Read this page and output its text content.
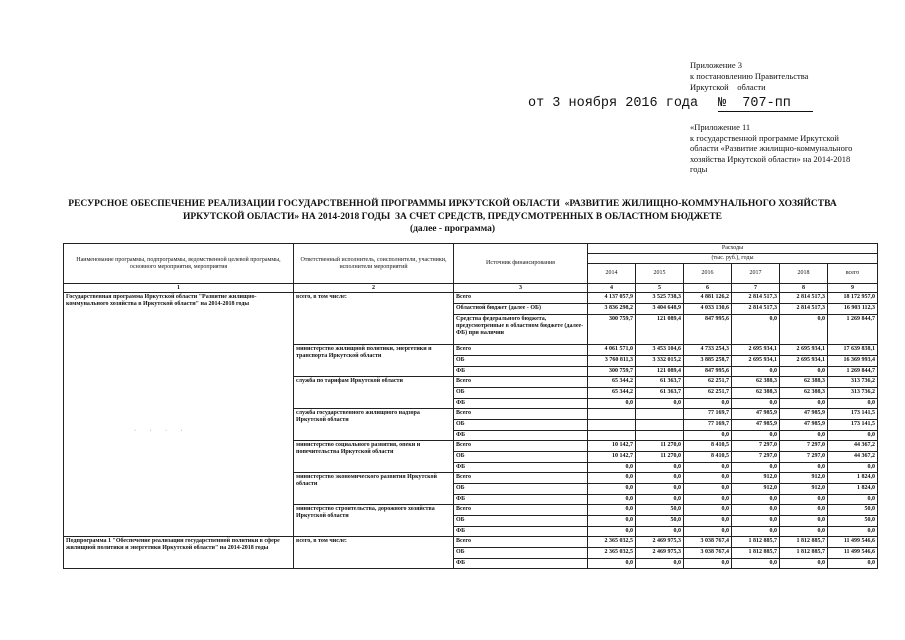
Приложение 3
к постановлению Правительства
Иркутской    области
от 3 ноября 2016 года №  707-пп
«Приложение 11
к государственной программе Иркутской
области «Развитие жилищно-коммунального
хозяйства Иркутской области» на 2014-2018
годы
РЕСУРСНОЕ ОБЕСПЕЧЕНИЕ РЕАЛИЗАЦИИ ГОСУДАРСТВЕННОЙ ПРОГРАММЫ ИРКУТСКОЙ ОБЛАСТИ  «РАЗВИТИЕ ЖИЛИЩНО-КОММУНАЛЬНОГО ХОЗЯЙСТВА
ИРКУТСКОЙ ОБЛАСТИ» НА 2014-2018 ГОДЫ  ЗА СЧЕТ СРЕДСТВ, ПРЕДУСМОТРЕННЫХ В ОБЛАСТНОМ БЮДЖЕТЕ
(далее - программа)
Наименование программы, подпрограммы, ведомственной целевой программы, основного мероприятия, мероприятия	Ответственный исполнитель, соисполнители, участники, исполнители мероприятий	Источник финансирования	Расходы					
			(тыс. руб.), годы					
			2014	2015	2016	2017	2018	всего
1	2	3	4	5	6	7	8	9
Государственная программа Иркутской области "Развитие жилищно-коммунального хозяйства в Иркутской области" на 2014-2018 годы	всего, в том числе:	Всего	4 137 057,9	3 525 738,3	4 881 126,2	2 814 517,3	2 814 517,3	18 172 957,0
		Областной бюджет (далее - ОБ)	3 836 298,2	3 404 648,9	4 033 130,6	2 814 517,3	2 814 517,3	16 903 112,3
		Средства федерального бюджета, предусмотренные в областном бюджете (далее-ФБ) при наличии	300 759,7	121 089,4	847 995,6	0,0	0,0	1 269 844,7
	министерство жилищной политики, энергетики и транспорта Иркутской области	Всего	4 061 571,0	3 453 104,6	4 733 254,3	2 695 934,1	2 695 934,1	17 639 838,1
		ОБ	3 760 811,3	3 332 015,2	3 885 258,7	2 695 934,1	2 695 934,1	16 369 993,4
		ФБ	300 759,7	121 089,4	847 995,6	0,0	0,0	1 269 844,7
	служба по тарифам Иркутской области	Всего	65 344,2	61 363,7	62 251,7	62 388,3	62 388,3	313 736,2
		ОБ	65 344,2	61 363,7	62 251,7	62 388,3	62 388,3	313 736,2
		ФБ	0,0	0,0	0,0	0,0	0,0	0,0
	служба государственного жилищного надзора Иркутской области	Всего			77 169,7	47 985,9	47 985,9	173 141,5
		ОБ			77 169,7	47 985,9	47 985,9	173 141,5
		ФБ			0,0	0,0	0,0	0,0
	министерство социального развития, опеки и попечительства Иркутской области	Всего	10 142,7	11 270,0	8 410,5	7 297,0	7 297,0	44 367,2
		ОБ	10 142,7	11 270,0	8 410,5	7 297,0	7 297,0	44 367,2
		ФБ	0,0	0,0	0,0	0,0	0,0	0,0
	министерство экономического развития Иркутской области	Всего	0,0	0,0	0,0	912,0	912,0	1 824,0
		ОБ	0,0	0,0	0,0	912,0	912,0	1 824,0
		ФБ	0,0	0,0	0,0	0,0	0,0	0,0
	министерство строительства, дорожного хозяйства Иркутской области	Всего	0,0	50,0	0,0	0,0	0,0	50,0
		ОБ	0,0	50,0	0,0	0,0	0,0	50,0
		ФБ	0,0	0,0	0,0	0,0	0,0	0,0
Подпрограмма 1 "Обеспечение реализации государственной политики в сфере жилищной политики и энергетики Иркутской области" на 2014-2018 годы	всего, в том числе:	Всего	2 365 032,5	2 469 975,3	3 038 767,4	1 812 885,7	1 812 885,7	11 499 546,6
		ОБ	2 365 032,5	2 469 975,3	3 038 767,4	1 812 885,7	1 812 885,7	11 499 546,6
		ФБ	0,0	0,0	0,0	0,0	0,0	0,0
· · · ·
